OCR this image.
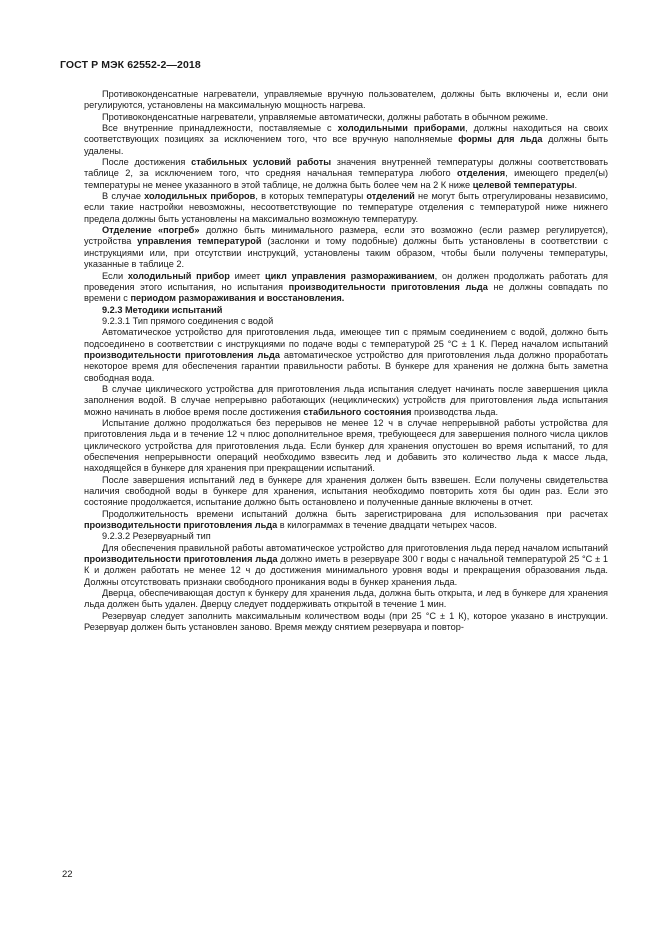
ГОСТ Р МЭК 62552-2—2018

Противоконденсатные нагреватели, управляемые вручную пользователем, должны быть включены и, если они регулируются, установлены на максимальную мощность нагрева.

Противоконденсатные нагреватели, управляемые автоматически, должны работать в обычном режиме.

Все внутренние принадлежности, поставляемые с холодильными приборами, должны находиться на своих соответствующих позициях за исключением того, что все вручную наполняемые формы для льда должны быть удалены.

После достижения стабильных условий работы значения внутренней температуры должны соответствовать таблице 2, за исключением того, что средняя начальная температура любого отделения, имеющего предел(ы) температуры не менее указанного в этой таблице, не должна быть более чем на 2 К ниже целевой температуры.

В случае холодильных приборов, в которых температуры отделений не могут быть отрегулированы независимо, если такие настройки невозможны, несоответствующие по температуре отделения с температурой ниже нижнего предела должны быть установлены на максимально возможную температуру.

Отделение «погреб» должно быть минимального размера, если это возможно (если размер регулируется), устройства управления температурой (заслонки и тому подобные) должны быть установлены в соответствии с инструкциями или, при отсутствии инструкций, установлены таким образом, чтобы были получены температуры, указанные в таблице 2.

Если холодильный прибор имеет цикл управления размораживанием, он должен продолжать работать для проведения этого испытания, но испытания производительности приготовления льда не должны совпадать по времени с периодом размораживания и восстановления.

9.2.3 Методики испытаний

9.2.3.1 Тип прямого соединения с водой

Автоматическое устройство для приготовления льда, имеющее тип с прямым соединением с водой, должно быть подсоединено в соответствии с инструкциями по подаче воды с температурой 25 °С ± 1 К. Перед началом испытаний производительности приготовления льда автоматическое устройство для приготовления льда должно проработать некоторое время для обеспечения гарантии правильности работы. В бункере для хранения не должна быть заметна свободная вода.

В случае циклического устройства для приготовления льда испытания следует начинать после завершения цикла заполнения водой. В случае непрерывно работающих (нециклических) устройств для приготовления льда испытания можно начинать в любое время после достижения стабильного состояния производства льда.

Испытание должно продолжаться без перерывов не менее 12 ч в случае непрерывной работы устройства для приготовления льда и в течение 12 ч плюс дополнительное время, требующееся для завершения полного числа циклов циклического устройства для приготовления льда. Если бункер для хранения опустошен во время испытаний, то для обеспечения непрерывности операций необходимо взвесить лед и добавить это количество льда к массе льда, находящейся в бункере для хранения при прекращении испытаний.

После завершения испытаний лед в бункере для хранения должен быть взвешен. Если получены свидетельства наличия свободной воды в бункере для хранения, испытания необходимо повторить хотя бы один раз. Если это состояние продолжается, испытание должно быть остановлено и полученные данные включены в отчет.

Продолжительность времени испытаний должна быть зарегистрирована для использования при расчетах производительности приготовления льда в килограммах в течение двадцати четырех часов.

9.2.3.2 Резервуарный тип

Для обеспечения правильной работы автоматическое устройство для приготовления льда перед началом испытаний производительности приготовления льда должно иметь в резервуаре 300 г воды с начальной температурой 25 °С ± 1 К и должен работать не менее 12 ч до достижения минимального уровня воды и прекращения образования льда. Должны отсутствовать признаки свободного проникания воды в бункер хранения льда.

Дверца, обеспечивающая доступ к бункеру для хранения льда, должна быть открыта, и лед в бункере для хранения льда должен быть удален. Дверцу следует поддерживать открытой в течение 1 мин.

Резервуар следует заполнить максимальным количеством воды (при 25 °С ± 1 К), которое указано в инструкции. Резервуар должен быть установлен заново. Время между снятием резервуара и повтор-

22
